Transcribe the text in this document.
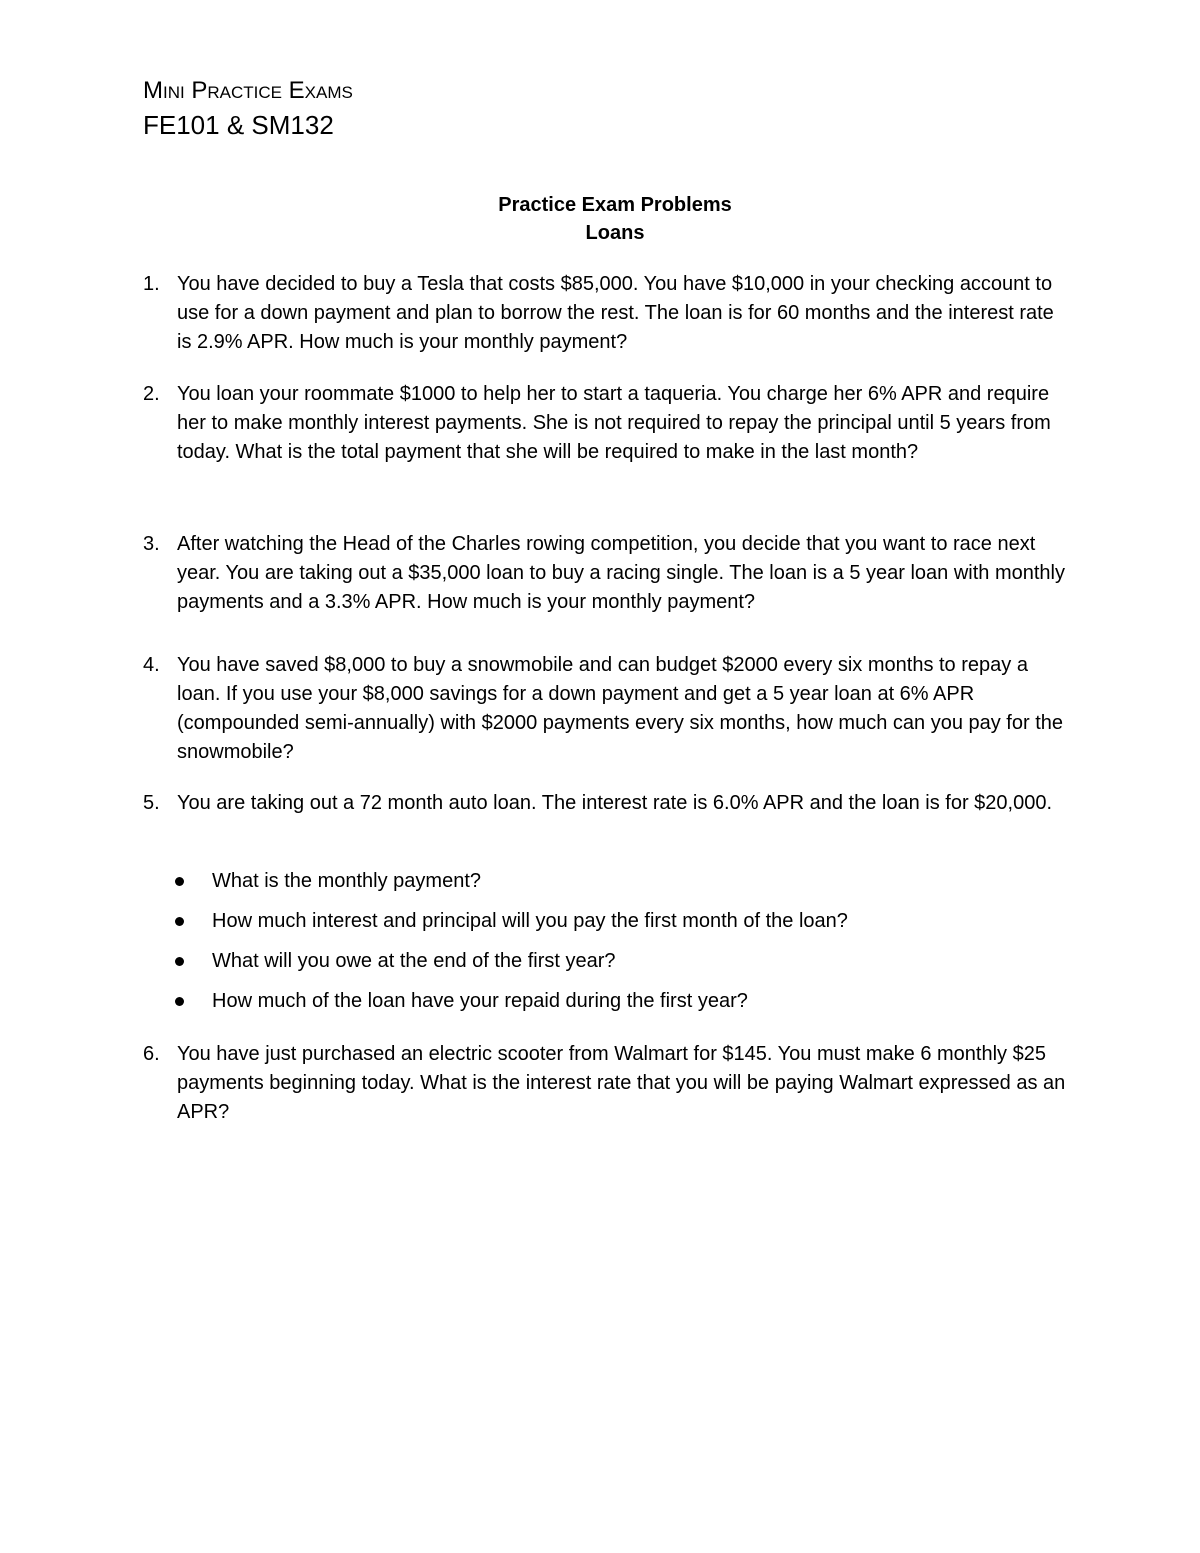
Mini Practice Exams
FE101 & SM132
Practice Exam Problems
Loans
1. You have decided to buy a Tesla that costs $85,000. You have $10,000 in your checking account to use for a down payment and plan to borrow the rest. The loan is for 60 months and the interest rate is 2.9% APR. How much is your monthly payment?
2. You loan your roommate $1000 to help her to start a taqueria. You charge her 6% APR and require her to make monthly interest payments. She is not required to repay the principal until 5 years from today. What is the total payment that she will be required to make in the last month?
3. After watching the Head of the Charles rowing competition, you decide that you want to race next year. You are taking out a $35,000 loan to buy a racing single. The loan is a 5 year loan with monthly payments and a 3.3% APR. How much is your monthly payment?
4. You have saved $8,000 to buy a snowmobile and can budget $2000 every six months to repay a loan. If you use your $8,000 savings for a down payment and get a 5 year loan at 6% APR (compounded semi-annually) with $2000 payments every six months, how much can you pay for the snowmobile?
5. You are taking out a 72 month auto loan. The interest rate is 6.0% APR and the loan is for $20,000.
What is the monthly payment?
How much interest and principal will you pay the first month of the loan?
What will you owe at the end of the first year?
How much of the loan have your repaid during the first year?
6. You have just purchased an electric scooter from Walmart for $145. You must make 6 monthly $25 payments beginning today. What is the interest rate that you will be paying Walmart expressed as an APR?
